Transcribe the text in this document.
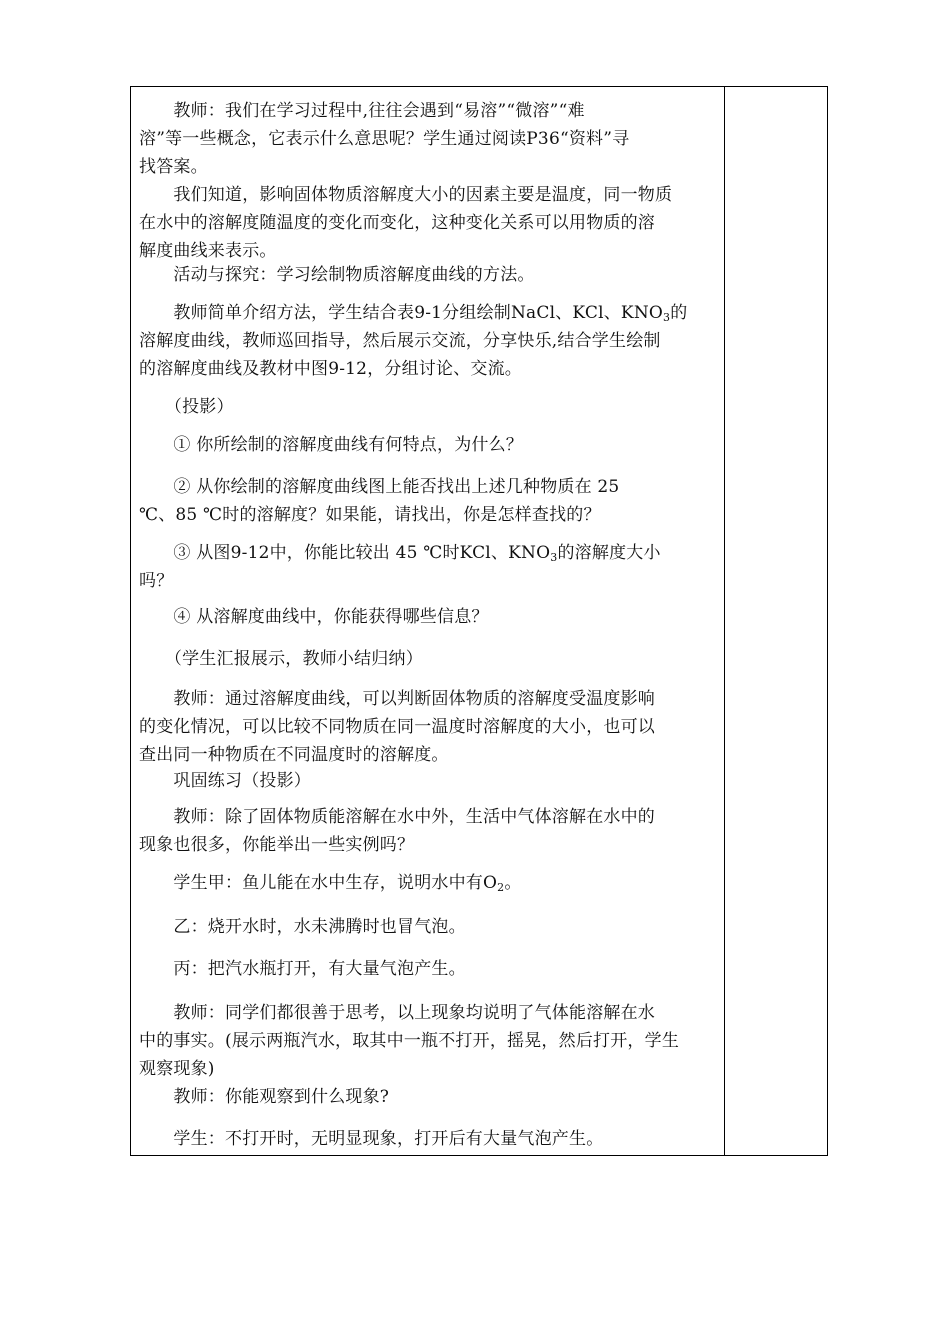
　　教师：我们在学习过程中,往往会遇到“易溶”“微溶”“难
溶”等一些概念，它表示什么意思呢？学生通过阅读P36“资料”寻
找答案。
　　我们知道，影响固体物质溶解度大小的因素主要是温度，同一物质
在水中的溶解度随温度的变化而变化，这种变化关系可以用物质的溶
解度曲线来表示。
　　活动与探究：学习绘制物质溶解度曲线的方法。
　　教师简单介绍方法，学生结合表9-1分组绘制NaCl、KCl、$KNO_3$的
溶解度曲线，教师巡回指导，然后展示交流，分享快乐,结合学生绘制
的溶解度曲线及教材中图9-12，分组讨论、交流。
　　（投影）
　　① 你所绘制的溶解度曲线有何特点，为什么？
　　② 从你绘制的溶解度曲线图上能否找出上述几种物质在 25
℃、85 ℃时的溶解度？如果能，请找出，你是怎样查找的？
　　③ 从图9-12中，你能比较出 45 ℃时KCl、$KNO_3$的溶解度大小
吗？
　　④ 从溶解度曲线中，你能获得哪些信息？
　　（学生汇报展示，教师小结归纳）
　　教师：通过溶解度曲线，可以判断固体物质的溶解度受温度影响
的变化情况，可以比较不同物质在同一温度时溶解度的大小，也可以
查出同一种物质在不同温度时的溶解度。
　　巩固练习（投影）
　　教师：除了固体物质能溶解在水中外，生活中气体溶解在水中的
现象也很多，你能举出一些实例吗？
　　学生甲：鱼儿能在水中生存，说明水中有$O_2$。
　　乙：烧开水时，水未沸腾时也冒气泡。
　　丙：把汽水瓶打开，有大量气泡产生。
　　教师：同学们都很善于思考，以上现象均说明了气体能溶解在水
中的事实。(展示两瓶汽水，取其中一瓶不打开，摇晃，然后打开，学生
观察现象)
　　教师：你能观察到什么现象?
　　学生：不打开时，无明显现象，打开后有大量气泡产生。
